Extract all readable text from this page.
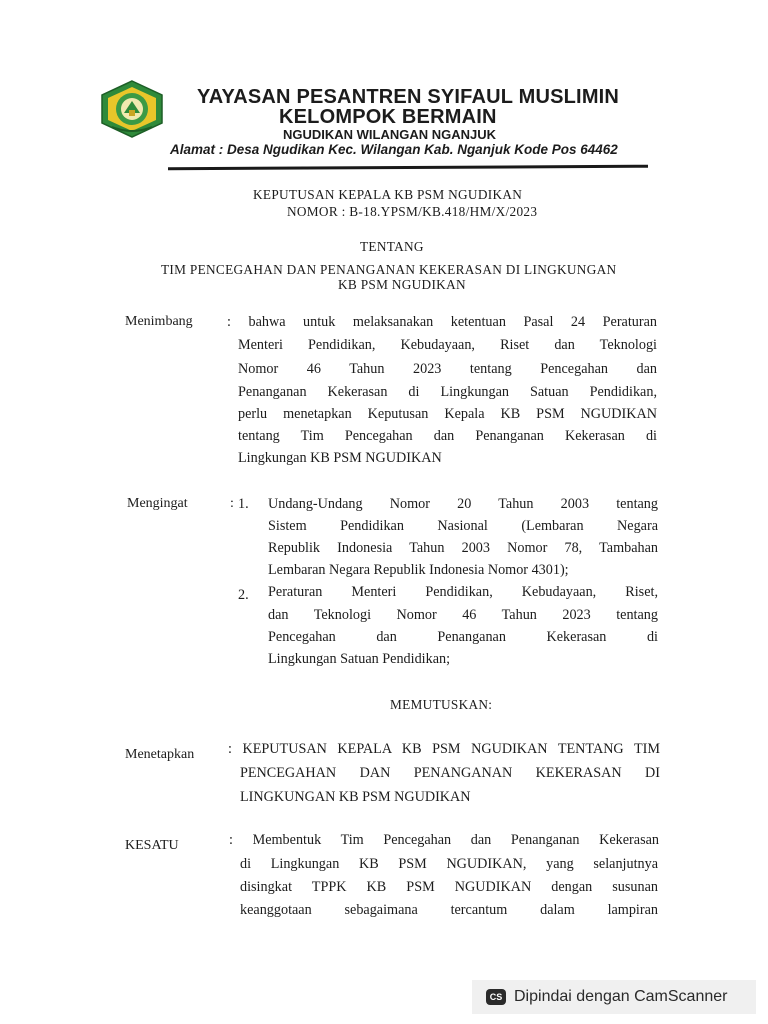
YAYASAN PESANTREN SYIFAUL MUSLIMIN
KELOMPOK BERMAIN
NGUDIKAN WILANGAN NGANJUK
Alamat : Desa Ngudikan Kec. Wilangan Kab. Nganjuk Kode Pos 64462
KEPUTUSAN KEPALA KB PSM NGUDIKAN
NOMOR : B-18.YPSM/KB.418/HM/X/2023
TENTANG
TIM PENCEGAHAN DAN PENANGANAN KEKERASAN DI LINGKUNGAN
KB PSM NGUDIKAN
Menimbang : bahwa untuk melaksanakan ketentuan Pasal 24 Peraturan
Menteri Pendidikan, Kebudayaan, Riset dan Teknologi
Nomor 46 Tahun 2023 tentang Pencegahan dan
Penanganan Kekerasan di Lingkungan Satuan Pendidikan,
perlu menetapkan Keputusan Kepala KB PSM NGUDIKAN
tentang Tim Pencegahan dan Penanganan Kekerasan di
Lingkungan KB PSM NGUDIKAN
Mengingat	: 1. Undang-Undang Nomor 20 Tahun 2003 tentang
Sistem Pendidikan Nasional (Lembaran Negara
Republik Indonesia Tahun 2003 Nomor 78, Tambahan
Lembaran Negara Republik Indonesia Nomor 4301);
2. Peraturan Menteri Pendidikan, Kebudayaan, Riset,
dan Teknologi Nomor 46 Tahun 2023 tentang
Pencegahan dan Penanganan Kekerasan di
Lingkungan Satuan Pendidikan;
MEMUTUSKAN:
Menetapkan : KEPUTUSAN KEPALA KB PSM NGUDIKAN TENTANG TIM
PENCEGAHAN DAN PENANGANAN KEKERASAN DI
LINGKUNGAN KB PSM NGUDIKAN
KESATU	: Membentuk Tim Pencegahan dan Penanganan Kekerasan
di Lingkungan KB PSM NGUDIKAN, yang selanjutnya
disingkat TPPK KB PSM NGUDIKAN dengan susunan
keanggotaan sebagaimana tercantum dalam lampiran
CS Dipindai dengan CamScanner
